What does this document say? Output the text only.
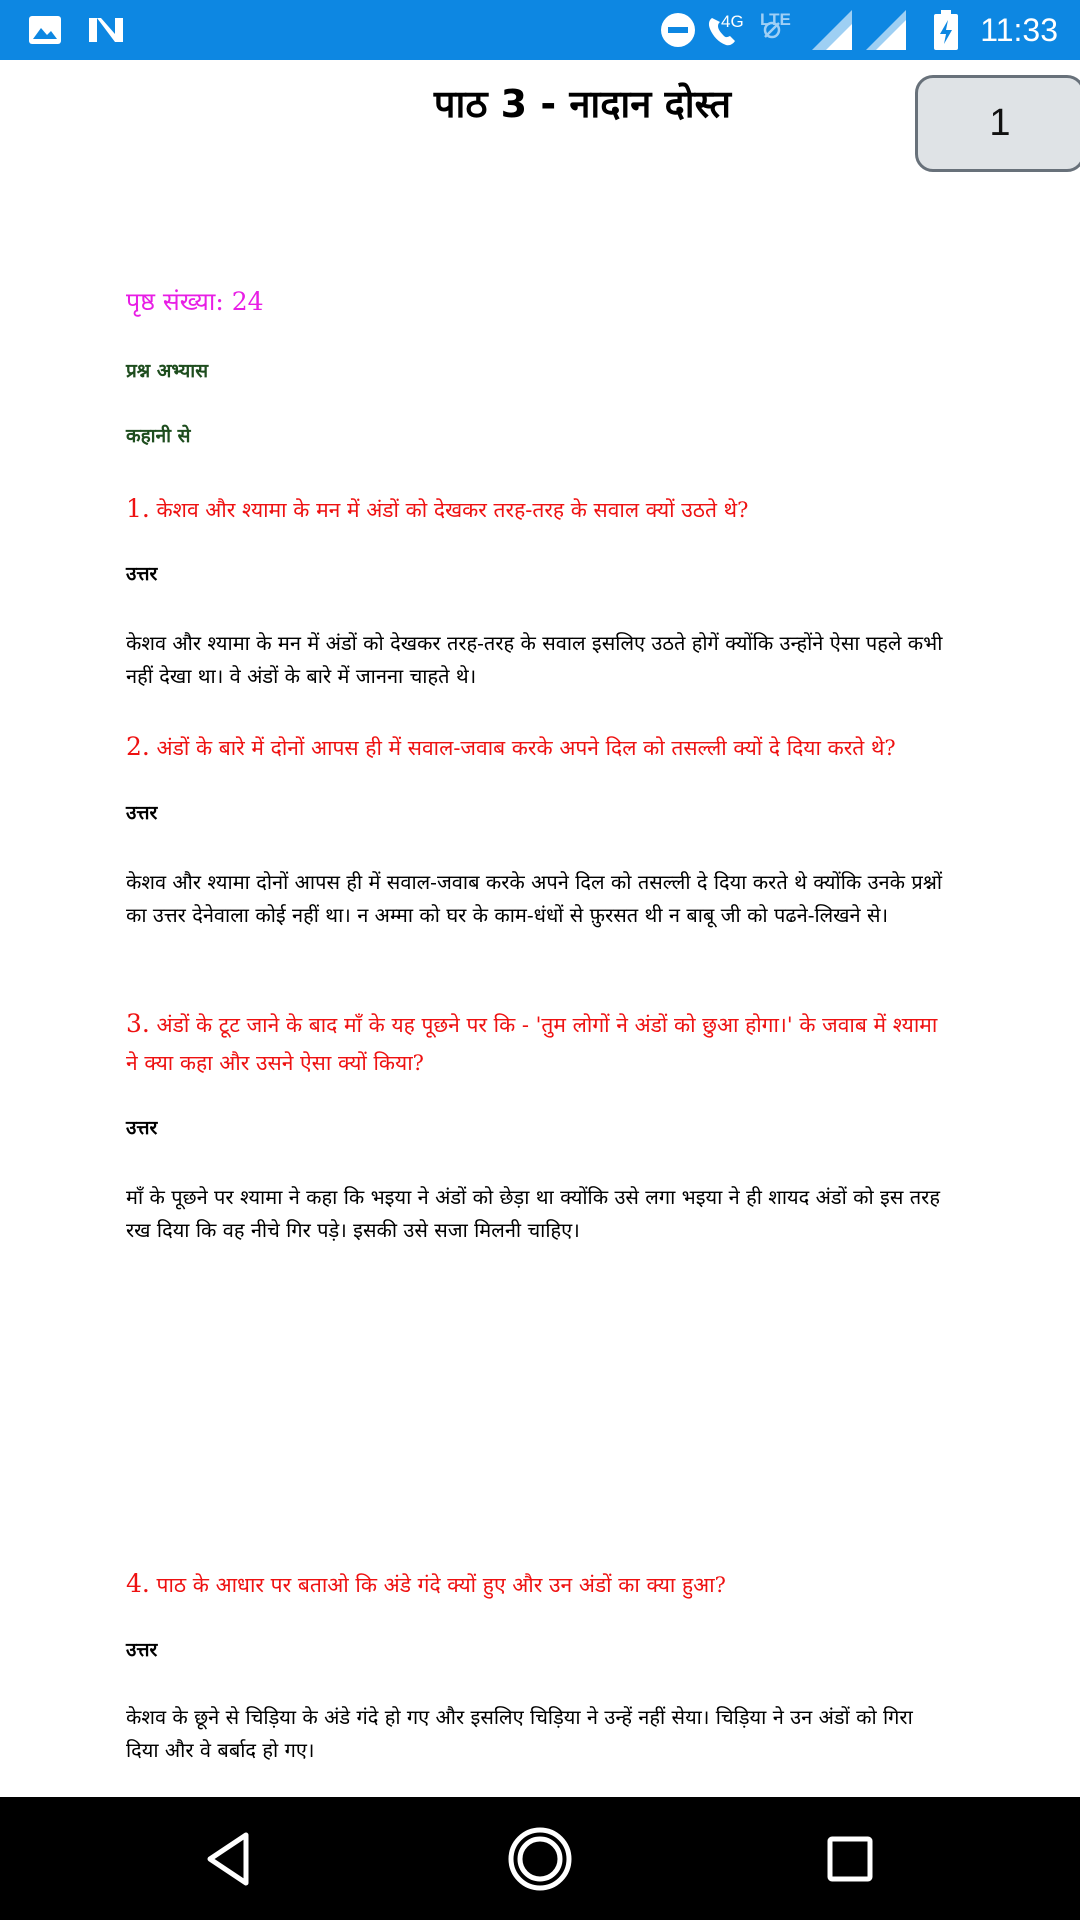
4G LTE	11:33
पाठ 3 - नादान दोस्त	1
पृष्ठ संख्या: 24
प्रश्न अभ्यास
कहानी से
1. केशव और श्यामा के मन में अंडों को देखकर तरह-तरह के सवाल क्यों उठते थे?
उत्तर
केशव और श्यामा के मन में अंडों को देखकर तरह-तरह के सवाल इसलिए उठते होगें क्योंकि उन्होंने ऐसा पहले कभी नहीं देखा था। वे अंडों के बारे में जानना चाहते थे।
2. अंडों के बारे में दोनों आपस ही में सवाल-जवाब करके अपने दिल को तसल्ली क्यों दे दिया करते थे?
उत्तर
केशव और श्यामा दोनों आपस ही में सवाल-जवाब करके अपने दिल को तसल्ली दे दिया करते थे क्योंकि उनके प्रश्नों का उत्तर देनेवाला कोई नहीं था। न अम्मा को घर के काम-धंधों से फ़ुरसत थी न बाबू जी को पढने-लिखने से।
3. अंडों के टूट जाने के बाद माँ के यह पूछने पर कि - 'तुम लोगों ने अंडों को छुआ होगा।' के जवाब में श्यामा ने क्या कहा और उसने ऐसा क्यों किया?
उत्तर
माँ के पूछने पर श्यामा ने कहा कि भइया ने अंडों को छेड़ा था क्योंकि उसे लगा भइया ने ही शायद अंडों को इस तरह रख दिया कि वह नीचे गिर पड़े। इसकी उसे सजा मिलनी चाहिए।
4. पाठ के आधार पर बताओ कि अंडे गंदे क्यों हुए और उन अंडों का क्या हुआ?
उत्तर
केशव के छूने से चिड़िया के अंडे गंदे हो गए और इसलिए चिड़िया ने उन्हें नहीं सेया। चिड़िया ने उन अंडों को गिरा दिया और वे बर्बाद हो गए।
